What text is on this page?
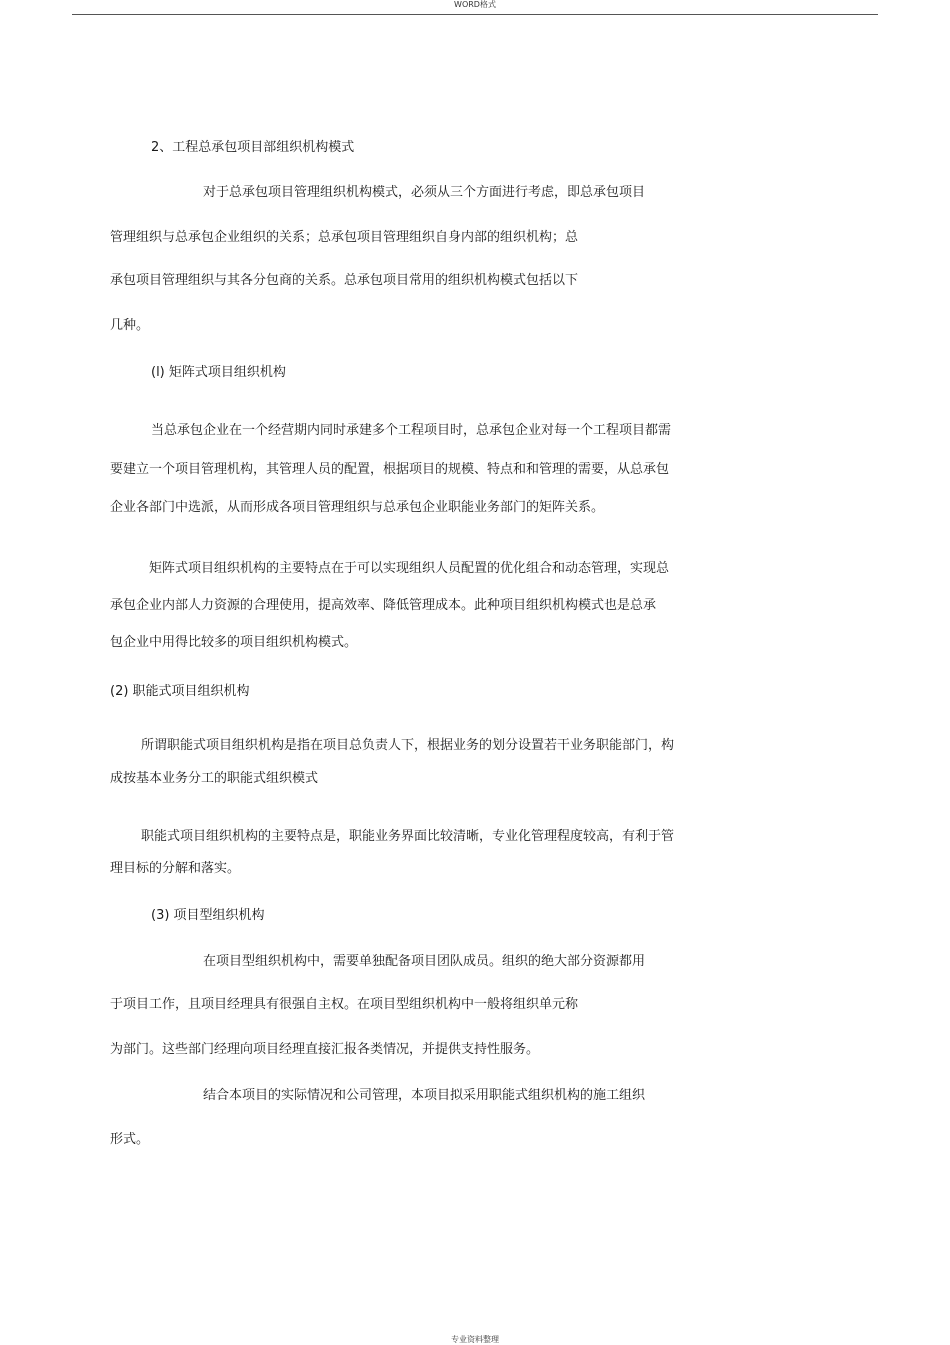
WORD格式
2、工程总承包项目部组织机构模式
对于总承包项目管理组织机构模式，必须从三个方面进行考虑，即总承包项目
管理组织与总承包企业组织的关系；总承包项目管理组织自身内部的组织机构；总
承包项目管理组织与其各分包商的关系。总承包项目常用的组织机构模式包括以下
几种。
(l) 矩阵式项目组织机构
当总承包企业在一个经营期内同时承建多个工程项目时，总承包企业对每一个工程项目都需
要建立一个项目管理机构，其管理人员的配置，根据项目的规模、特点和和管理的需要，从总承包
企业各部门中选派，从而形成各项目管理组织与总承包企业职能业务部门的矩阵关系。
矩阵式项目组织机构的主要特点在于可以实现组织人员配置的优化组合和动态管理，实现总
承包企业内部人力资源的合理使用，提高效率、降低管理成本。此种项目组织机构模式也是总承
包企业中用得比较多的项目组织机构模式。
(2) 职能式项目组织机构
所谓职能式项目组织机构是指在项目总负责人下，根据业务的划分设置若干业务职能部门，构
成按基本业务分工的职能式组织模式
职能式项目组织机构的主要特点是，职能业务界面比较清晰，专业化管理程度较高，有利于管
理目标的分解和落实。
(3) 项目型组织机构
在项目型组织机构中，需要单独配备项目团队成员。组织的绝大部分资源都用
于项目工作，且项目经理具有很强自主权。在项目型组织机构中一般将组织单元称
为部门。这些部门经理向项目经理直接汇报各类情况，并提供支持性服务。
结合本项目的实际情况和公司管理，本项目拟采用职能式组织机构的施工组织
形式。
专业资料整理
